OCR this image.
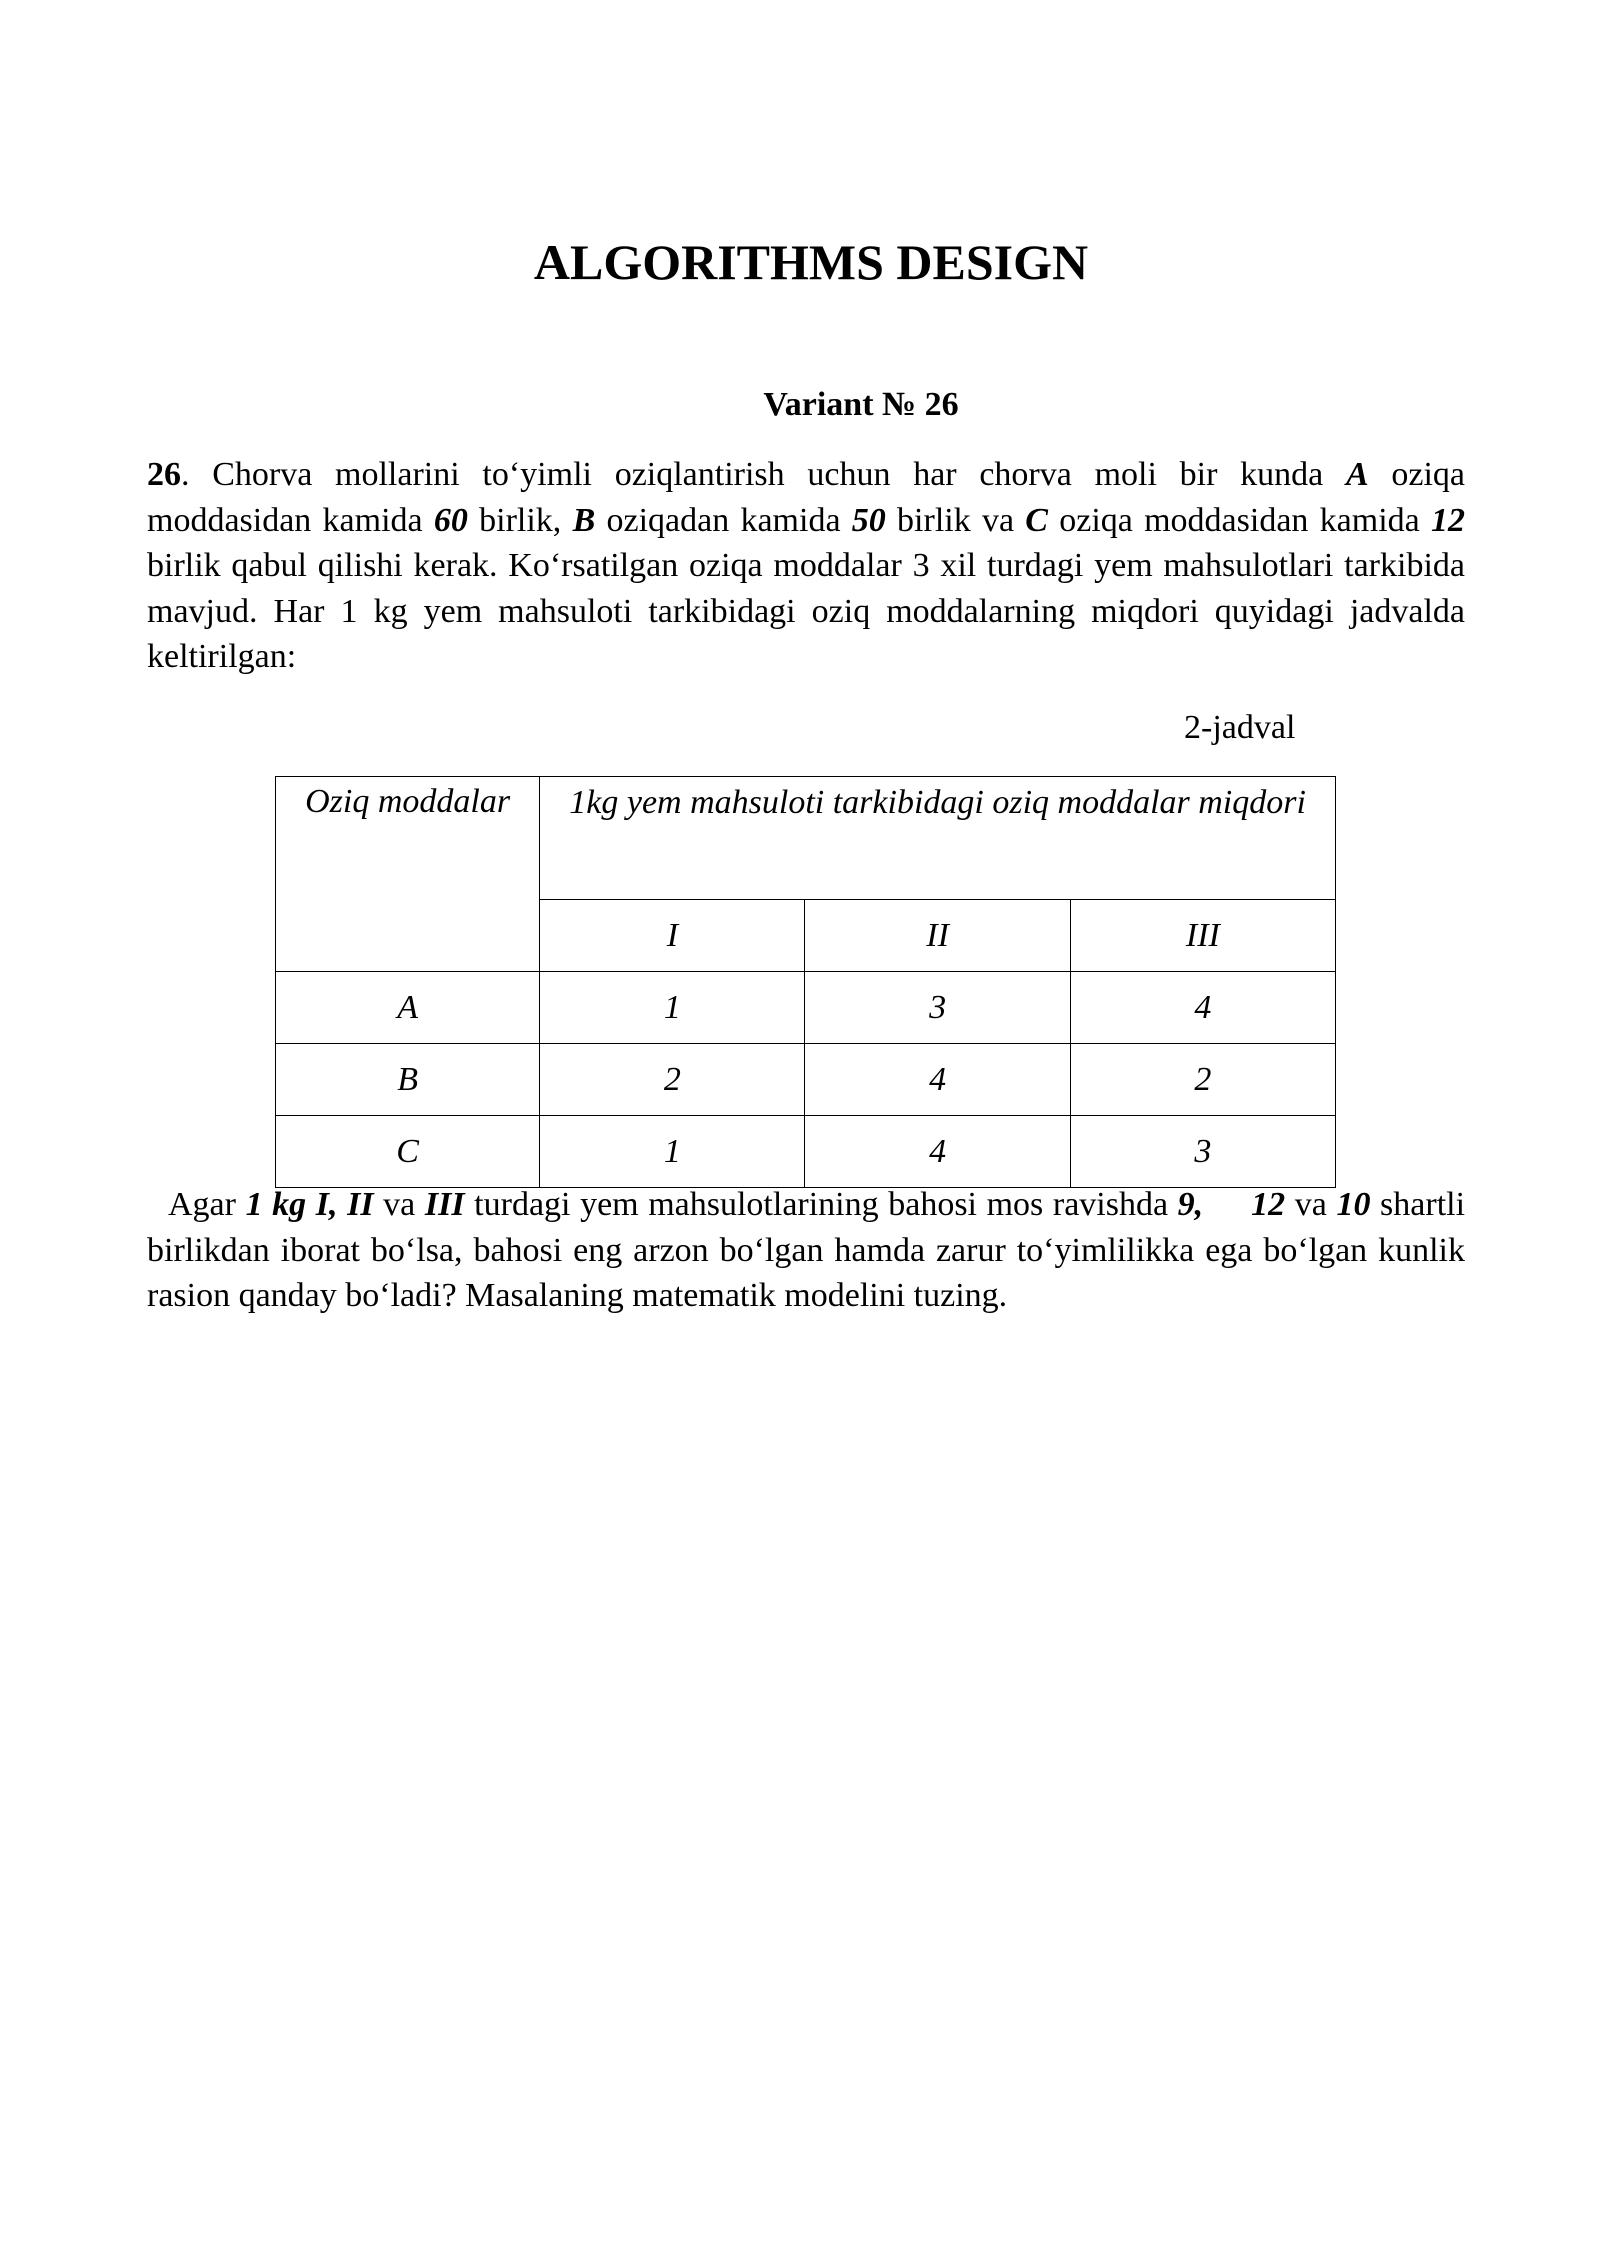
ALGORITHMS DESIGN

Variant № 26

26. Chorva mollarini to‘yimli oziqlantirish uchun har chorva moli bir kunda A oziqa moddasidan kamida 60 birlik, B oziqadan kamida 50 birlik va C oziqa moddasidan kamida 12 birlik qabul qilishi kerak. Ko‘rsatilgan oziqa moddalar 3 xil turdagi yem mahsulotlari tarkibida mavjud. Har 1 kg yem mahsuloti tarkibidagi oziq moddalarning miqdori quyidagi jadvalda keltirilgan:

2-jadval

Oziq moddalar	1kg yem mahsuloti tarkibidagi oziq moddalar miqdori		
	I	II	III
A	1	3	4
B	2	4	2
C	1	4	3

Agar 1 kg I, II va III turdagi yem mahsulotlarining bahosi mos ravishda 9, 12 va 10 shartli birlikdan iborat bo‘lsa, bahosi eng arzon bo‘lgan hamda zarur to‘yimlilikka ega bo‘lgan kunlik rasion qanday bo‘ladi? Masalaning matematik modelini tuzing.
